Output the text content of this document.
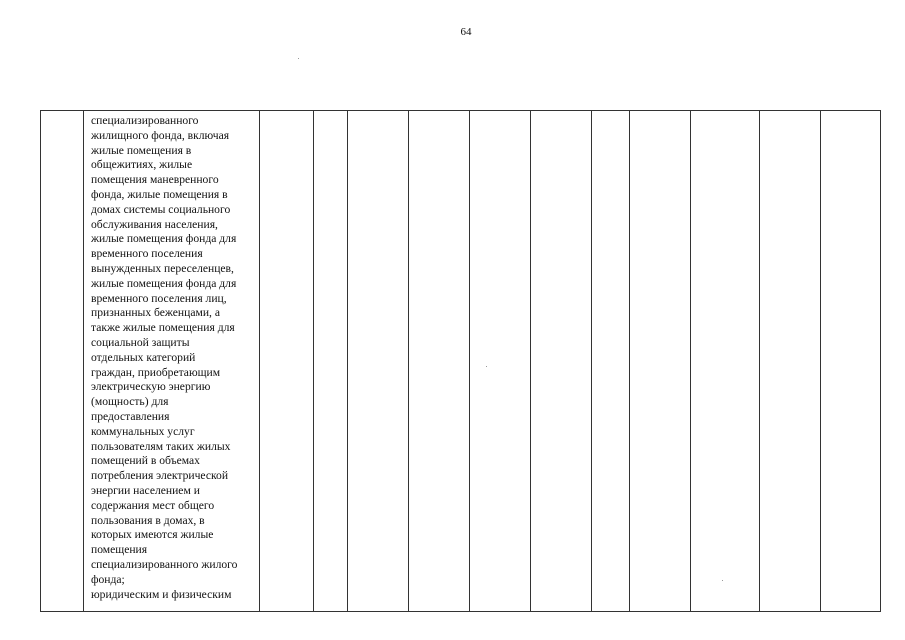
64

специализированного
жилищного фонда, включая
жилые помещения в
общежитиях, жилые
помещения маневренного
фонда, жилые помещения в
домах системы социального
обслуживания населения,
жилые помещения фонда для
временного поселения
вынужденных переселенцев,
жилые помещения фонда для
временного поселения лиц,
признанных беженцами, а
также жилые помещения для
социальной защиты
отдельных категорий
граждан, приобретающим
электрическую энергию
(мощность) для
предоставления
коммунальных услуг
пользователям таких жилых
помещений в объемах
потребления электрической
энергии населением и
содержания мест общего
пользования в домах, в
которых имеются жилые
помещения
специализированного жилого
фонда;
юридическим и физическим
